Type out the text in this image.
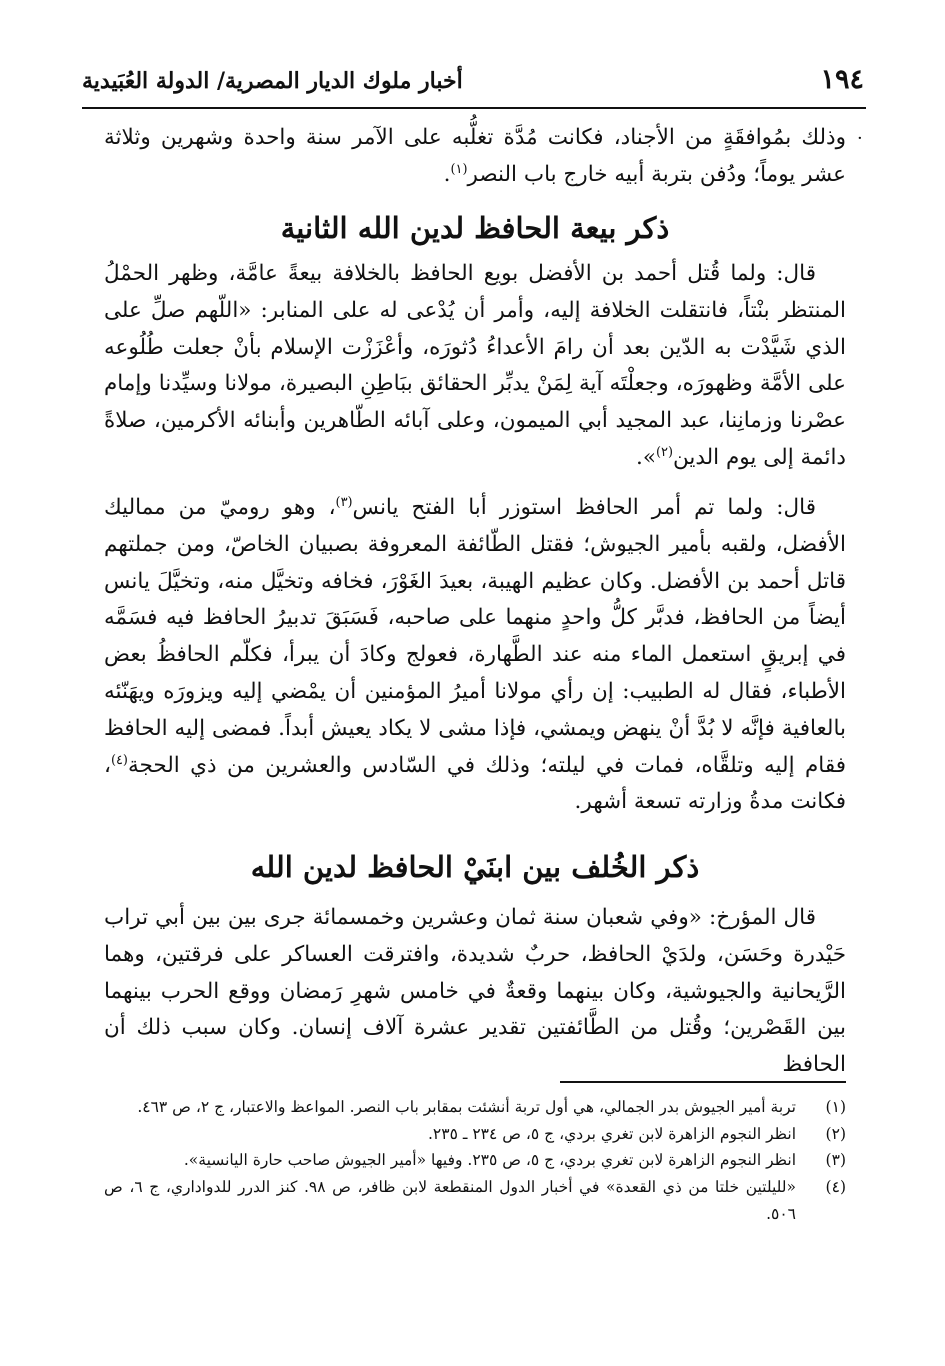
١٩٤
أخبار ملوك الديار المصرية/ الدولة العُبَيدية
·

وذلك بمُوافقَةٍ من الأجناد، فكانت مُدَّة تغلُّبه على الآمر سنة واحدة وشهرين وثلاثة عشر يوماً؛ ودُفن بتربة أبيه خارج باب النصر$^{(١)}$.

ذكر بيعة الحافظ لدين الله الثانية

قال: ولما قُتل أحمد بن الأفضل بويع الحافظ بالخلافة بيعةً عامَّة، وظهر الحمْلُ المنتظر بنْتاً، فانتقلت الخلافة إليه، وأمر أن يُدْعى له على المنابر: «اللّهم صلِّ على الذي شَيَّدْت به الدّين بعد أن رامَ الأعداءُ دُثورَه، وأعْزَزْت الإسلام بأنْ جعلت طُلُوعه على الأمَّة وظهورَه، وجعلْتَه آية لِمَنْ يدبِّر الحقائق ببَاطِنِ البصيرة، مولانا وسيِّدنا وإمام عصْرنا وزمانِنا، عبد المجيد أبي الميمون، وعلى آبائه الطّاهرين وأبنائه الأكرمين، صلاةً دائمة إلى يوم الدين$^{(٢)}$».

قال: ولما تم أمر الحافظ استوزر أبا الفتح يانس$^{(٣)}$، وهو روميّ من مماليك الأفضل، ولقبه بأمير الجيوش؛ فقتل الطّائفة المعروفة بصبيان الخاصّ، ومن جملتهم قاتل أحمد بن الأفضل. وكان عظيم الهيبة، بعيدَ الغَوْرَ، فخافه وتخيَّل منه، وتخيَّلَ يانس أيضاً من الحافظ، فدبَّر كلُّ واحدٍ منهما على صاحبه، فَسَبَقَ تدبيرُ الحافظ فيه فسَمَّه في إبريقٍ استعمل الماء منه عند الطَّهارة، فعولج وكادَ أن يبرأ، فكلّم الحافظُ بعض الأطباء، فقال له الطبيب: إن رأي مولانا أميرُ المؤمنين أن يمْضي إليه ويزورَه ويهَنّئه بالعافية فإنَّه لا بُدَّ أنْ ينهض ويمشي، فإذا مشى لا يكاد يعيش أبداً. فمضى إليه الحافظ فقام إليه وتلقَّاه، فمات في ليلته؛ وذلك في السّادس والعشرين من ذي الحجة$^{(٤)}$، فكانت مدةُ وزارته تسعة أشهر.

ذكر الخُلف بين ابنَيْ الحافظ لدين الله

قال المؤرخ: «وفي شعبان سنة ثمان وعشرين وخمسمائة جرى بين بين أبي تراب حَيْدرة وحَسَن، ولدَيْ الحافظ، حربٌ شديدة، وافترقت العساكر على فرقتين، وهما الرَّيحانية والجيوشية، وكان بينهما وقعةٌ في خامس شهرِ رَمضان ووقع الحرب بينهما بين القَصْرين؛ وقُتل من الطَّائفتين تقدير عشرة آلاف إنسان. وكان سبب ذلك أن الحافظ

(١)
تربة أمير الجيوش بدر الجمالي، هي أول تربة أنشئت بمقابر باب النصر. المواعظ والاعتبار، ج ٢، ص ٤٦٣.
(٢)
انظر النجوم الزاهرة لابن تغري بردي، ج ٥، ص ٢٣٤ ـ ٢٣٥.
(٣)
انظر النجوم الزاهرة لابن تغري بردي، ج ٥، ص ٢٣٥. وفيها «أمير الجيوش صاحب حارة اليانسية».
(٤)
«لليلتين خلتا من ذي القعدة» في أخبار الدول المنقطعة لابن ظافر، ص ٩٨. كنز الدرر للدواداري، ج ٦، ص ٥٠٦.
